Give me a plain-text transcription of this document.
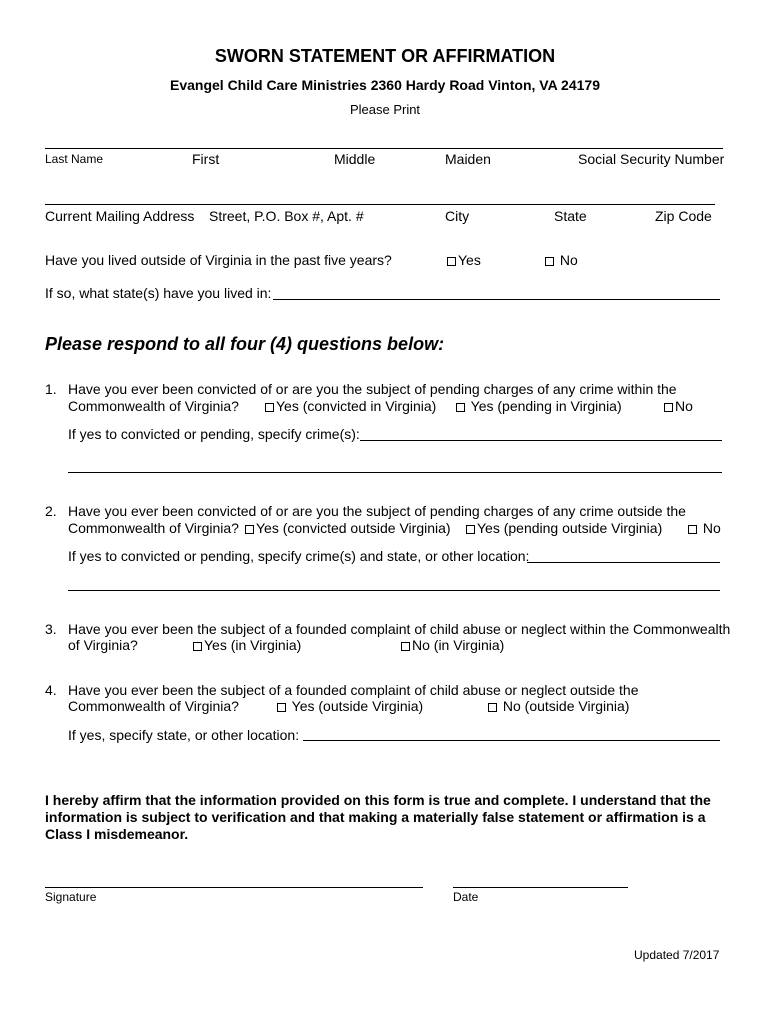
SWORN STATEMENT OR AFFIRMATION
Evangel Child Care Ministries 2360 Hardy Road Vinton, VA 24179
Please Print
Last Name	First	Middle	Maiden	Social Security Number
Current Mailing Address Street, P.O. Box #, Apt. #	City	State	Zip Code
Have you lived outside of Virginia in the past five years?	Yes	No
If so, what state(s) have you lived in:
Please respond to all four (4) questions below:
1. Have you ever been convicted of or are you the subject of pending charges of any crime within the
Commonwealth of Virginia?	Yes (convicted in Virginia)	Yes (pending in Virginia)	No
If yes to convicted or pending, specify crime(s):
2. Have you ever been convicted of or are you the subject of pending charges of any crime outside the
Commonwealth of Virginia?	Yes (convicted outside Virginia)	Yes (pending outside Virginia)	No
If yes to convicted or pending, specify crime(s) and state, or other location:
3. Have you ever been the subject of a founded complaint of child abuse or neglect within the Commonwealth
of Virginia?	Yes (in Virginia)	No (in Virginia)
4. Have you ever been the subject of a founded complaint of child abuse or neglect outside the
Commonwealth of Virginia?	Yes (outside Virginia)	No (outside Virginia)
If yes, specify state, or other location:
I hereby affirm that the information provided on this form is true and complete. I understand that the information is subject to verification and that making a materially false statement or affirmation is a Class I misdemeanor.
Signature	Date
Updated 7/2017
